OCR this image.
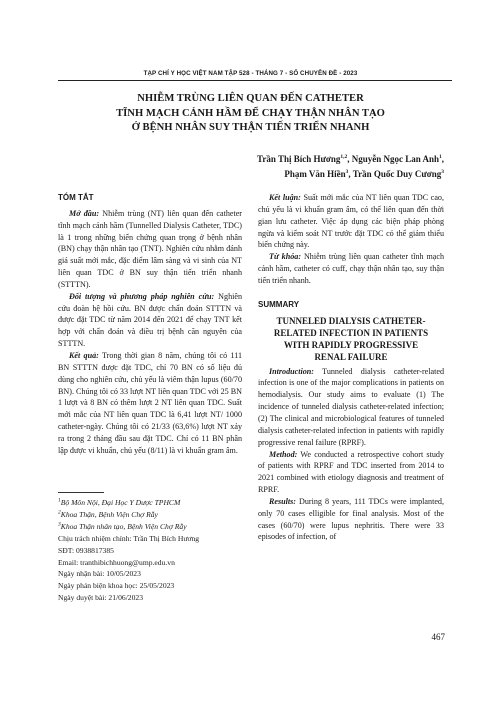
TẠP CHÍ Y HỌC VIỆT NAM TẬP 528 - THÁNG 7 - SỐ CHUYÊN ĐỀ - 2023
NHIỄM TRÙNG LIÊN QUAN ĐẾN CATHETER
TĨNH MẠCH CẢNH HẦM ĐỂ CHẠY THẬN NHÂN TẠO
Ở BỆNH NHÂN SUY THẬN TIẾN TRIỂN NHANH
Trần Thị Bích Hương$^{1,2}$, Nguyễn Ngọc Lan Anh$^1$,
Phạm Văn Hiền$^3$, Trần Quốc Duy Cương$^3$
TÓM TẮT

Mở đầu: Nhiễm trùng (NT) liên quan đến catheter tĩnh mạch cảnh hầm (Tunnelled Dialysis Catheter, TDC) là 1 trong những biến chứng quan trọng ở bệnh nhân (BN) chạy thận nhân tạo (TNT). Nghiên cứu nhằm đánh giá suất mới mắc, đặc điểm lâm sàng và vi sinh của NT liên quan TDC ở BN suy thận tiến triển nhanh (STTTN).

Đối tượng và phương pháp nghiên cứu: Nghiên cứu đoàn hệ hồi cứu. BN được chẩn đoán STTTN và được đặt TDC từ năm 2014 đến 2021 để chạy TNT kết hợp với chẩn đoán và điều trị bệnh căn nguyên của STTTN.

Kết quả: Trong thời gian 8 năm, chúng tôi có 111 BN STTTN được đặt TDC, chỉ 70 BN có số liệu đủ dùng cho nghiên cứu, chủ yếu là viêm thận lupus (60/70 BN). Chúng tôi có 33 lượt NT liên quan TDC với 25 BN 1 lượt và 8 BN có thêm lượt 2 NT liên quan TDC. Suất mới mắc của NT liên quan TDC là 6,41 lượt NT/ 1000 catheter-ngày. Chúng tôi có 21/33 (63,6%) lượt NT xảy ra trong 2 tháng đầu sau đặt TDC. Chỉ có 11 BN phân lập được vi khuẩn, chủ yếu (8/11) là vi khuẩn gram âm.

$^1$Bộ Môn Nội, Đại Học Y Dược TPHCM
$^2$Khoa Thận, Bệnh Viện Chợ Rẫy
$^3$Khoa Thận nhân tạo, Bệnh Viện Chợ Rẫy
Chịu trách nhiệm chính: Trần Thị Bích Hương
SĐT: 0938817385
Email: tranthibichhuong@ump.edu.vn
Ngày nhận bài: 10/05/2023
Ngày phản biện khoa học: 25/05/2023
Ngày duyệt bài: 21/06/2023

Kết luận: Suất mới mắc của NT liên quan TDC cao, chủ yếu là vi khuẩn gram âm, có thể liên quan đến thời gian lưu catheter. Việc áp dụng các biện pháp phòng ngừa và kiểm soát NT trước đặt TDC có thể giảm thiểu biến chứng này.

Từ khóa: Nhiễm trùng liên quan catheter tĩnh mạch cảnh hầm, catheter có cuff, chạy thận nhân tạo, suy thận tiến triển nhanh.

SUMMARY
TUNNELED DIALYSIS CATHETER-
RELATED INFECTION IN PATIENTS
WITH RAPIDLY PROGRESSIVE
RENAL FAILURE

Introduction: Tunneled dialysis catheter-related infection is one of the major complications in patients on hemodialysis. Our study aims to evaluate (1) The incidence of tunneled dialysis catheter-related infection; (2) The clinical and microbiological features of tunneled dialysis catheter-related infection in patients with rapidly progressive renal failure (RPRF).

Method: We conducted a retrospective cohort study of patients with RPRF and TDC inserted from 2014 to 2021 combined with etiology diagnosis and treatment of RPRF.

Results: During 8 years, 111 TDCs were implanted, only 70 cases elligible for final analysis. Most of the cases (60/70) were lupus nephritis. There were 33 episodes of infection, of

467
